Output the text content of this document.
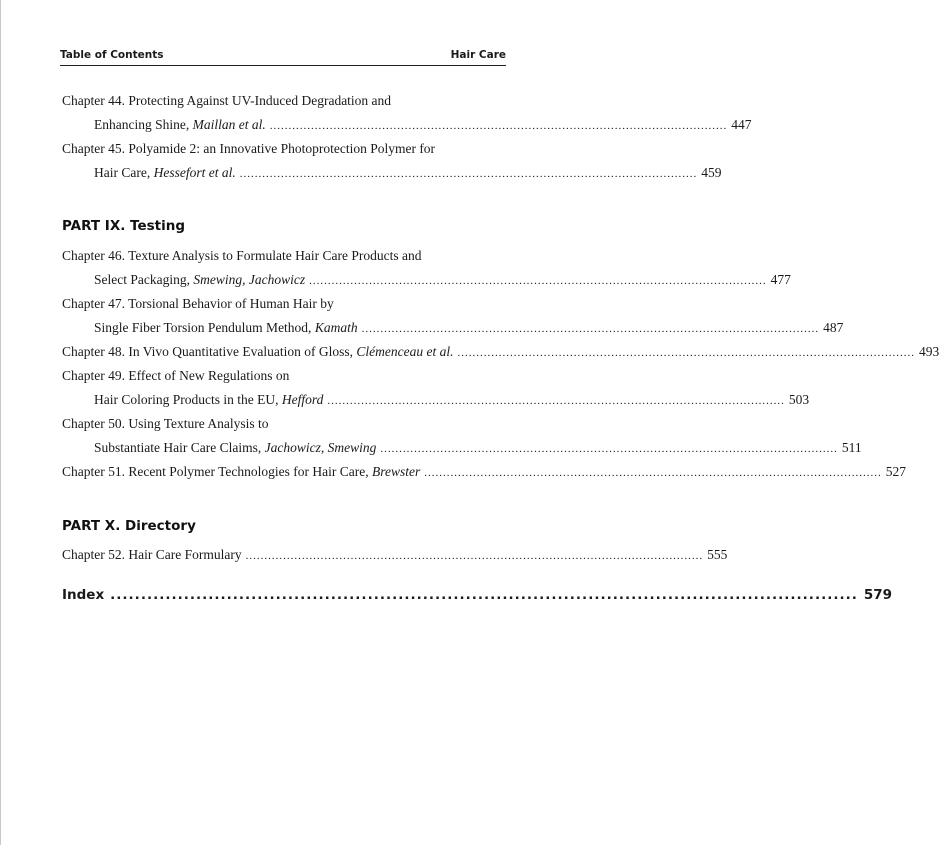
Table of Contents	Hair Care
Chapter 44. Protecting Against UV-Induced Degradation and
Enhancing Shine, Maillan et al. .......................................................................................................................... 447
Chapter 45. Polyamide 2: an Innovative Photoprotection Polymer for
Hair Care, Hessefort et al. .......................................................................................................................... 459
PART IX. Testing
Chapter 46. Texture Analysis to Formulate Hair Care Products and
Select Packaging, Smewing, Jachowicz .......................................................................................................................... 477
Chapter 47. Torsional Behavior of Human Hair by
Single Fiber Torsion Pendulum Method, Kamath .......................................................................................................................... 487
Chapter 48. In Vivo Quantitative Evaluation of Gloss, Clémenceau et al. .......................................................................................................................... 493
Chapter 49. Effect of New Regulations on
Hair Coloring Products in the EU, Hefford .......................................................................................................................... 503
Chapter 50. Using Texture Analysis to
Substantiate Hair Care Claims, Jachowicz, Smewing .......................................................................................................................... 511
Chapter 51. Recent Polymer Technologies for Hair Care, Brewster .......................................................................................................................... 527
PART X. Directory
Chapter 52. Hair Care Formulary .......................................................................................................................... 555
Index .......................................................................................................................... 579
